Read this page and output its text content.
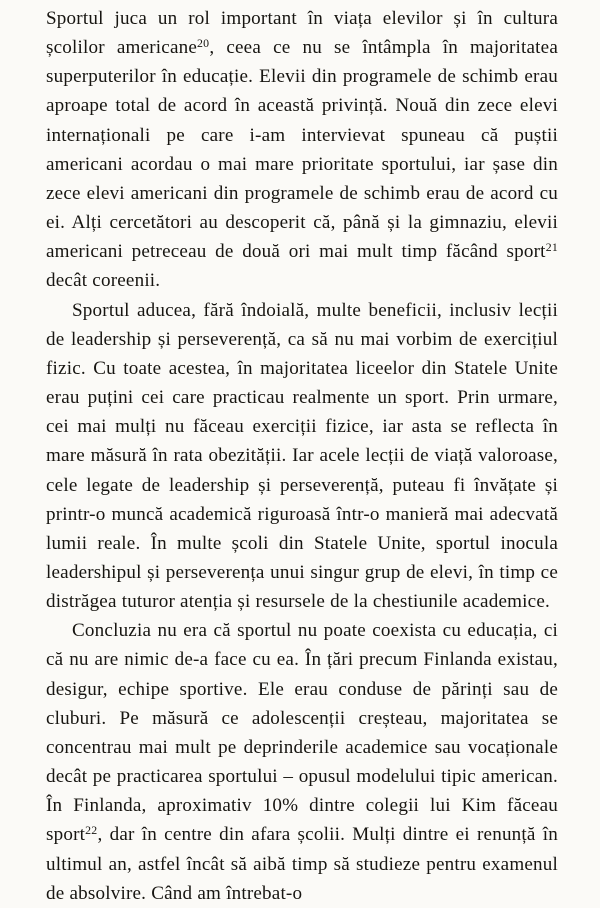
Sportul juca un rol important în viața elevilor și în cultura școlilor americane$^{20}$, ceea ce nu se întâmpla în majoritatea superputerilor în educație. Elevii din programele de schimb erau aproape total de acord în această privință. Nouă din zece elevi internaționali pe care i-am intervievat spuneau că puștii americani acordau o mai mare prioritate sportului, iar șase din zece elevi americani din programele de schimb erau de acord cu ei. Alți cercetători au descoperit că, până și la gimnaziu, elevii americani petreceau de două ori mai mult timp făcând sport$^{21}$ decât coreenii.

Sportul aducea, fără îndoială, multe beneficii, inclusiv lecții de leadership și perseverență, ca să nu mai vorbim de exercițiul fizic. Cu toate acestea, în majoritatea liceelor din Statele Unite erau puțini cei care practicau realmente un sport. Prin urmare, cei mai mulți nu făceau exerciții fizice, iar asta se reflecta în mare măsură în rata obezității. Iar acele lecții de viață valoroase, cele legate de leadership și perseverență, puteau fi învățate și printr-o muncă academică riguroasă într-o manieră mai adecvată lumii reale. În multe școli din Statele Unite, sportul inocula leadershipul și perseverența unui singur grup de elevi, în timp ce distrăgea tuturor atenția și resursele de la chestiunile academice.

Concluzia nu era că sportul nu poate coexista cu educația, ci că nu are nimic de-a face cu ea. În țări precum Finlanda existau, desigur, echipe sportive. Ele erau conduse de părinți sau de cluburi. Pe măsură ce adolescenții creșteau, majoritatea se concentrau mai mult pe deprinderile academice sau vocaționale decât pe practicarea sportului – opusul modelului tipic american. În Finlanda, aproximativ 10% dintre colegii lui Kim făceau sport$^{22}$, dar în centre din afara școlii. Mulți dintre ei renunță în ultimul an, astfel încât să aibă timp să studieze pentru examenul de absolvire. Când am întrebat-o
